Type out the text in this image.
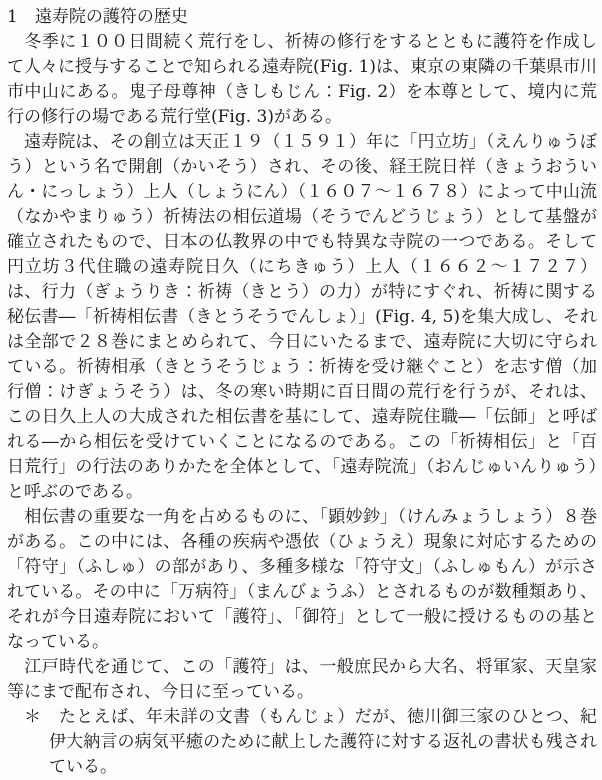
1　遠寿院の護符の歴史

　冬季に１００日間続く荒行をし、祈祷の修行をするとともに護符を作成して人々に授与することで知られる遠寿院(Fig. 1)は、東京の東隣の千葉県市川市中山にある。鬼子母尊神（きしもじん：Fig. 2）を本尊として、境内に荒行の修行の場である荒行堂(Fig. 3)がある。

　遠寿院は、その創立は天正１９（１５９１）年に「円立坊」（えんりゅうぼう）という名で開創（かいそう）され、その後、経王院日祥（きょうおういん・にっしょう）上人（しょうにん）（１６０７～１６７８）によって中山流（なかやまりゅう）祈祷法の相伝道場（そうでんどうじょう）として基盤が確立されたもので、日本の仏教界の中でも特異な寺院の一つである。そして円立坊３代住職の遠寿院日久（にちきゅう）上人（１６６２～１７２７）は、行力（ぎょうりき：祈祷（きとう）の力）が特にすぐれ、祈祷に関する秘伝書―「祈祷相伝書（きとうそうでんしょ）」(Fig. 4, 5)を集大成し、それは全部で２８巻にまとめられて、今日にいたるまで、遠寿院に大切に守られている。祈祷相承（きとうそうじょう：祈祷を受け継ぐこと）を志す僧（加行僧：けぎょうそう）は、冬の寒い時期に百日間の荒行を行うが、それは、この日久上人の大成された相伝書を基にして、遠寿院住職―「伝師」と呼ばれる―から相伝を受けていくことになるのである。この「祈祷相伝」と「百日荒行」の行法のありかたを全体として、「遠寿院流」（おんじゅいんりゅう）と呼ぶのである。

　相伝書の重要な一角を占めるものに、「顕妙鈔」（けんみょうしょう）８巻がある。この中には、各種の疾病や憑依（ひょうえ）現象に対応するための「符守」（ふしゅ）の部があり、多種多様な「符守文」（ふしゅもん）が示されている。その中に「万病符」（まんびょうふ）とされるものが数種類あり、それが今日遠寿院において「護符」、「御符」として一般に授けるものの基となっている。

　江戸時代を通じて、この「護符」は、一般庶民から大名、将軍家、天皇家等にまで配布され、今日に至っている。

＊　たとえば、年未詳の文書（もんじょ）だが、徳川御三家のひとつ、紀伊大納言の病気平癒のために献上した護符に対する返礼の書状も残されている。
